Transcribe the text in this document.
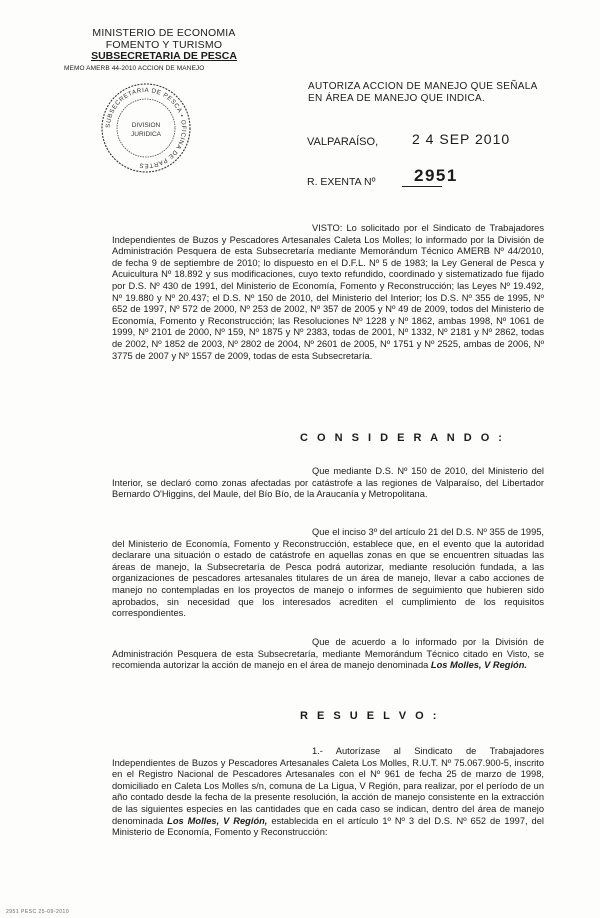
MINISTERIO DE ECONOMIA
FOMENTO Y TURISMO
SUBSECRETARIA DE PESCA
MEMO AMERB 44-2010 ACCION DE MANEJO
SUBSECRETARIA DE PESCA • OFICINA DE PARTES
DIVISION
JURIDICA
AUTORIZA ACCION DE MANEJO QUE SEÑALA
EN ÁREA DE MANEJO QUE INDICA.
VALPARAÍSO, 2 4 SEP 2010
R. EXENTA Nº 2951

VISTO: Lo solicitado por el Sindicato de Trabajadores Independientes de Buzos y Pescadores Artesanales Caleta Los Molles; lo informado por la División de Administración Pesquera de esta Subsecretaría mediante Memorándum Técnico AMERB Nº 44/2010, de fecha 9 de septiembre de 2010; lo dispuesto en el D.F.L. Nº 5 de 1983; la Ley General de Pesca y Acuicultura Nº 18.892 y sus modificaciones, cuyo texto refundido, coordinado y sistematizado fue fijado por D.S. Nº 430 de 1991, del Ministerio de Economía, Fomento y Reconstrucción; las Leyes Nº 19.492, Nº 19.880 y Nº 20.437; el D.S. Nº 150 de 2010, del Ministerio del Interior; los D.S. Nº 355 de 1995, Nº 652 de 1997, Nº 572 de 2000, Nº 253 de 2002, Nº 357 de 2005 y Nº 49 de 2009, todos del Ministerio de Economía, Fomento y Reconstrucción; las Resoluciones Nº 1228 y Nº 1862, ambas 1998, Nº 1061 de 1999, Nº 2101 de 2000, Nº 159, Nº 1875 y Nº 2383, todas de 2001, Nº 1332, Nº 2181 y Nº 2862, todas de 2002, Nº 1852 de 2003, Nº 2802 de 2004, Nº 2601 de 2005, Nº 1751 y Nº 2525, ambas de 2006, Nº 3775 de 2007 y Nº 1557 de 2009, todas de esta Subsecretaría.

C O N S I D E R A N D O :

Que mediante D.S. Nº 150 de 2010, del Ministerio del Interior, se declaró como zonas afectadas por catástrofe a las regiones de Valparaíso, del Libertador Bernardo O'Higgins, del Maule, del Bío Bío, de la Araucanía y Metropolitana.

Que el inciso 3º del artículo 21 del D.S. Nº 355 de 1995, del Ministerio de Economía, Fomento y Reconstrucción, establece que, en el evento que la autoridad declarare una situación o estado de catástrofe en aquellas zonas en que se encuentren situadas las áreas de manejo, la Subsecretaría de Pesca podrá autorizar, mediante resolución fundada, a las organizaciones de pescadores artesanales titulares de un área de manejo, llevar a cabo acciones de manejo no contempladas en los proyectos de manejo o informes de seguimiento que hubieren sido aprobados, sin necesidad que los interesados acrediten el cumplimiento de los requisitos correspondientes.

Que de acuerdo a lo informado por la División de Administración Pesquera de esta Subsecretaría, mediante Memorándum Técnico citado en Visto, se recomienda autorizar la acción de manejo en el área de manejo denominada Los Molles, V Región.

R E S U E L V O :

1.- Autorízase al Sindicato de Trabajadores Independientes de Buzos y Pescadores Artesanales Caleta Los Molles, R.U.T. Nº 75.067.900-5, inscrito en el Registro Nacional de Pescadores Artesanales con el Nº 961 de fecha 25 de marzo de 1998, domiciliado en Caleta Los Molles s/n, comuna de La Ligua, V Región, para realizar, por el período de un año contado desde la fecha de la presente resolución, la acción de manejo consistente en la extracción de las siguientes especies en las cantidades que en cada caso se indican, dentro del área de manejo denominada Los Molles, V Región, establecida en el artículo 1º Nº 3 del D.S. Nº 652 de 1997, del Ministerio de Economía, Fomento y Reconstrucción:

2951 PESC 25-09-2010
